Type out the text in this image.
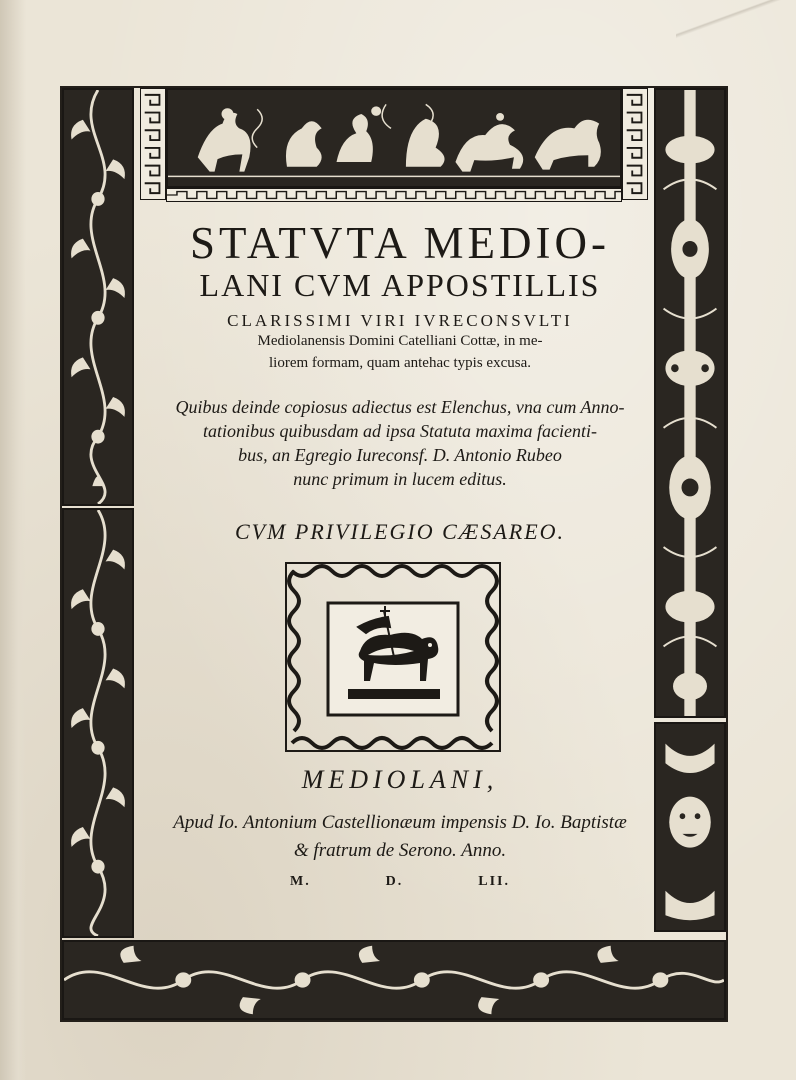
STATVTA MEDIO-
LANI CVM APPOSTILLIS
CLARISSIMI VIRI IVRECONSVLTI
Mediolanensis Domini Catelliani Cottæ, in me-
liorem formam, quam antehac typis excusa.
Quibus deinde copiosus adiectus est Elenchus, vna cum Anno-
tationibus quibusdam ad ipsa Statuta maxima facienti-
bus, an Egregio Iureconsf. D. Antonio Rubeo
nunc primum in lucem editus.
CVM PRIVILEGIO CÆSAREO.
MEDIOLANI,
Apud Io. Antonium Castellionæum impensis D. Io. Baptistæ
& fratrum de Serono. Anno.
M.	D.	LII.
